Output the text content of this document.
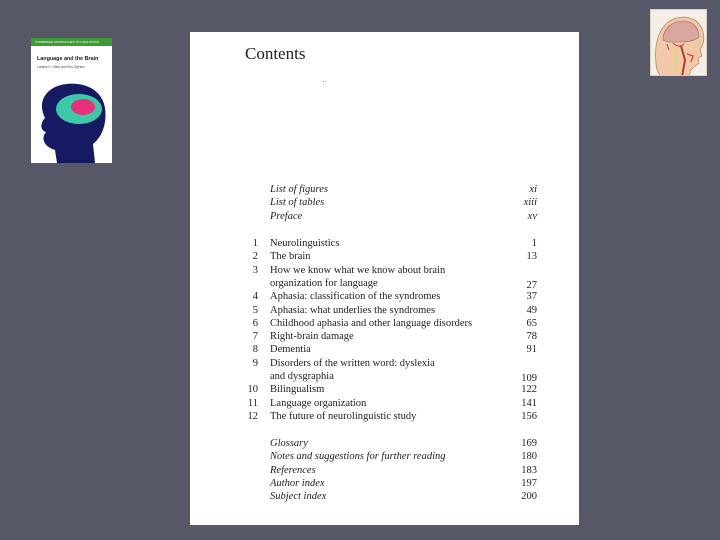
CAMBRIDGE APPROACHES TO LINGUISTICS
Language and the Brain
Loraine K. Obler and Kris Gjerlow
Contents
List of figures	xi
List of tables	xiii
Preface	xv
1 Neurolinguistics	1
2 The brain	13
3 How we know what we know about brain
organization for language	27
4 Aphasia: classification of the syndromes	37
5 Aphasia: what underlies the syndromes	49
6 Childhood aphasia and other language disorders	65
7 Right-brain damage	78
8 Dementia	91
9 Disorders of the written word: dyslexia
and dysgraphia	109
10 Bilingualism	122
11 Language organization	141
12 The future of neurolinguistic study	156
Glossary	169
Notes and suggestions for further reading	180
References	183
Author index	197
Subject index	200
